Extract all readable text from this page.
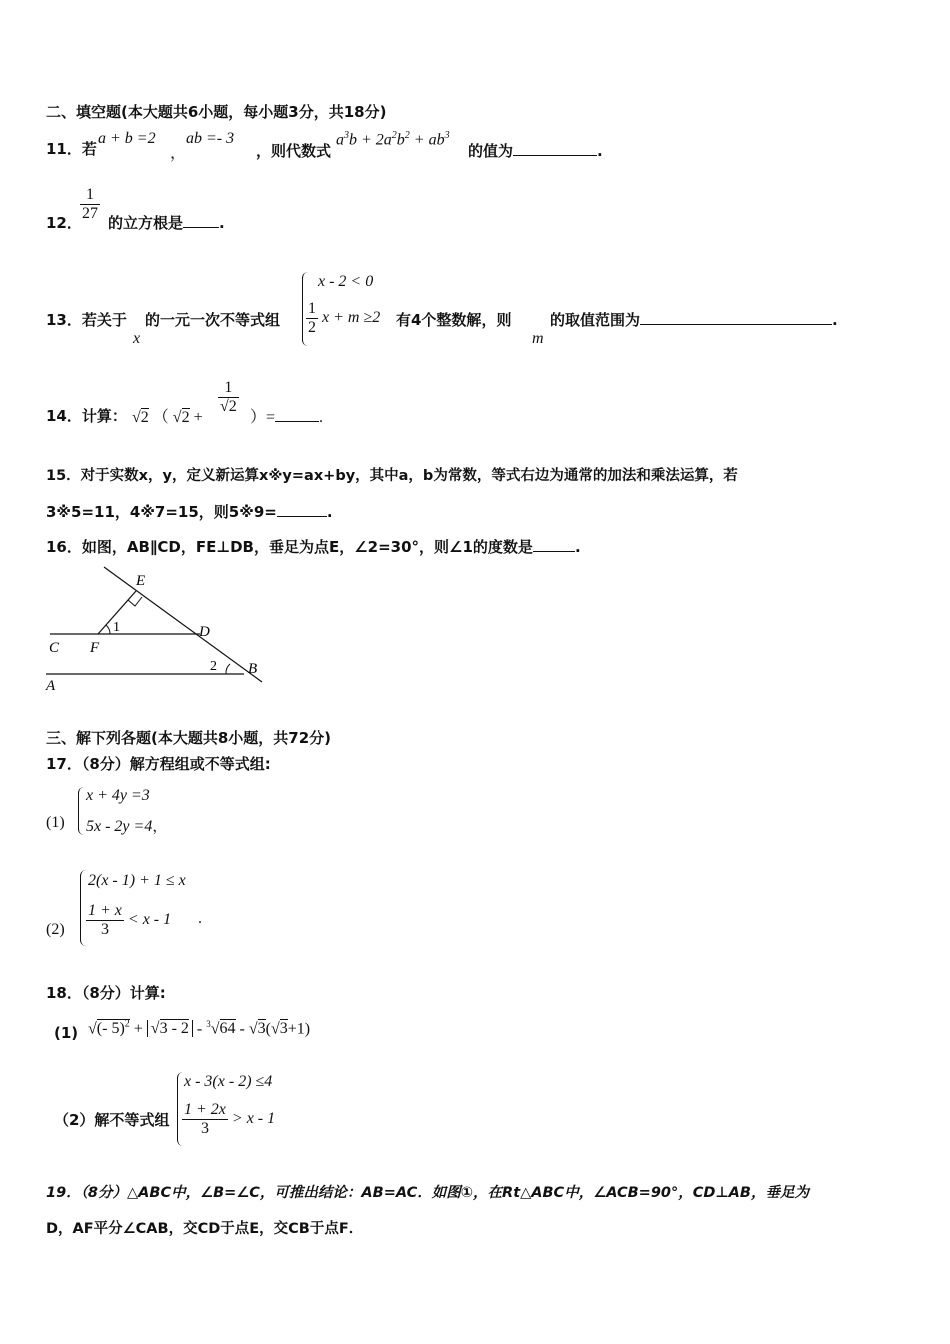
二、填空题(本大题共6小题，每小题3分，共18分)
11．若
a + b =2
，
ab =- 3
，则代数式
$a^3b + 2a^2b^2 + ab^3$
的值为	.
12．
$\frac{1}{27}$ 的立方根是 .
13．若关于
x
的一元一次不等式组
x - 2 < 0
$\frac{1}{2}$ x + m ≥2 有4个整数解，则
m
的取值范围为	.
14．计算： √2 （ √2 +
$\frac{1}{√2}$
）=	.
15．对于实数x，y，定义新运算x※y=ax+by，其中a，b为常数，等式右边为通常的加法和乘法运算，若
3※5=11，4※7=15，则5※9=	.
16．如图，AB∥CD，FE⊥DB，垂足为点E，∠2=30°，则∠1的度数是	.
E
1	D
C F
2 B
A
三、解下列各题(本大题共8小题，共72分)
17．（8分）解方程组或不等式组:
(1)
x + 4y =3
5x - 2y =4，
(2)
2(x - 1) + 1 ≤ x
$\frac{1 + x}{3} < x - 1$ .
18．（8分）计算:
(1) √(- 5)$^2$ + √3 - 2 - $^3$√64 - √3(√3+1)
（2）解不等式组
x - 3(x - 2) ≤4
$\frac{1 + 2x}{3} > x - 1$
19．（8分）△ABC中，∠B=∠C，可推出结论：AB=AC．如图①，在Rt△ABC中，∠ACB=90°，CD⊥AB，垂足为
D，AF平分∠CAB，交CD于点E，交CB于点F．
